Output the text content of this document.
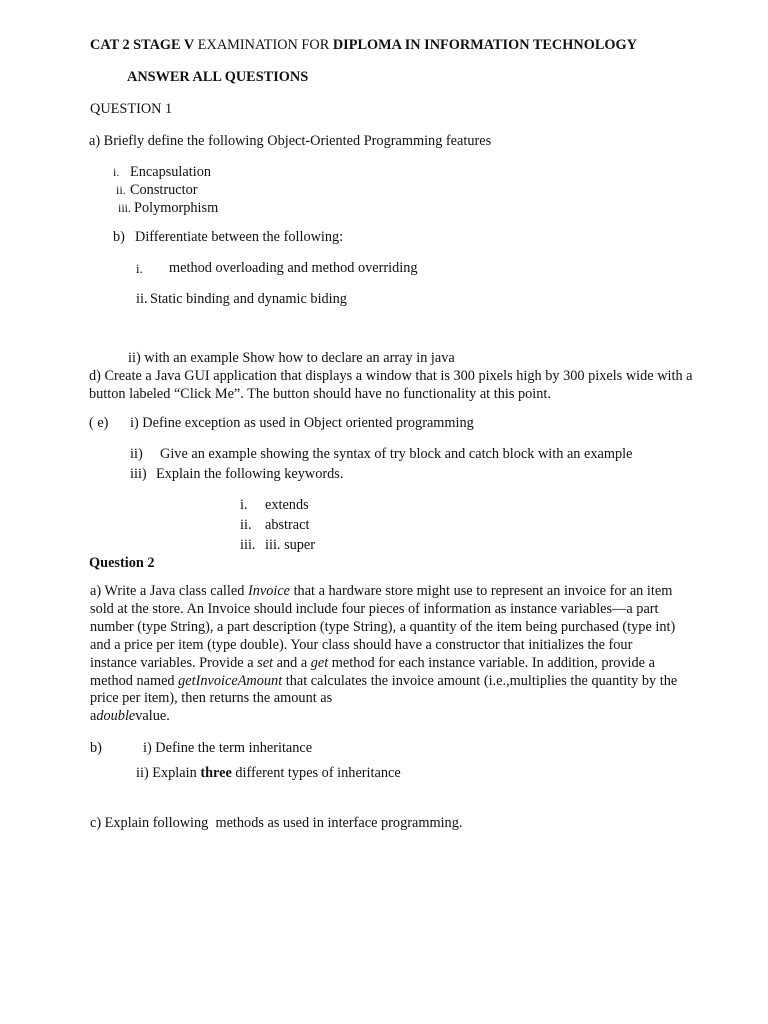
CAT 2 STAGE V EXAMINATION FOR DIPLOMA IN INFORMATION TECHNOLOGY
ANSWER ALL QUESTIONS
QUESTION 1
a) Briefly define the following Object-Oriented Programming features
i. Encapsulation
ii. Constructor
iii. Polymorphism
b) Differentiate between the following:
i. method overloading and method overriding
ii. Static binding and dynamic biding
ii) with an example Show how to declare an array in java
d) Create a Java GUI application that displays a window that is 300 pixels high by 300 pixels wide with a
button labeled “Click Me”. The button should have no functionality at this point.
( e) i) Define exception as used in Object oriented programming
ii) Give an example showing the syntax of try block and catch block with an example
iii) Explain the following keywords.
i. extends
ii. abstract
iii. iii. super
Question 2
a) Write a Java class called Invoice that a hardware store might use to represent an invoice for an item sold at the store. An Invoice should include four pieces of information as instance variables—a part number (type String), a part description (type String), a quantity of the item being purchased (type int) and a price per item (type double). Your class should have a constructor that initializes the four instance variables. Provide a set and a get method for each instance variable. In addition, provide a method named getInvoiceAmount that calculates the invoice amount (i.e.,multiplies the quantity by the price per item), then returns the amount as
adoublevalue.
b)	i) Define the term inheritance
ii) Explain three different types of inheritance
c) Explain following  methods as used in interface programming.
